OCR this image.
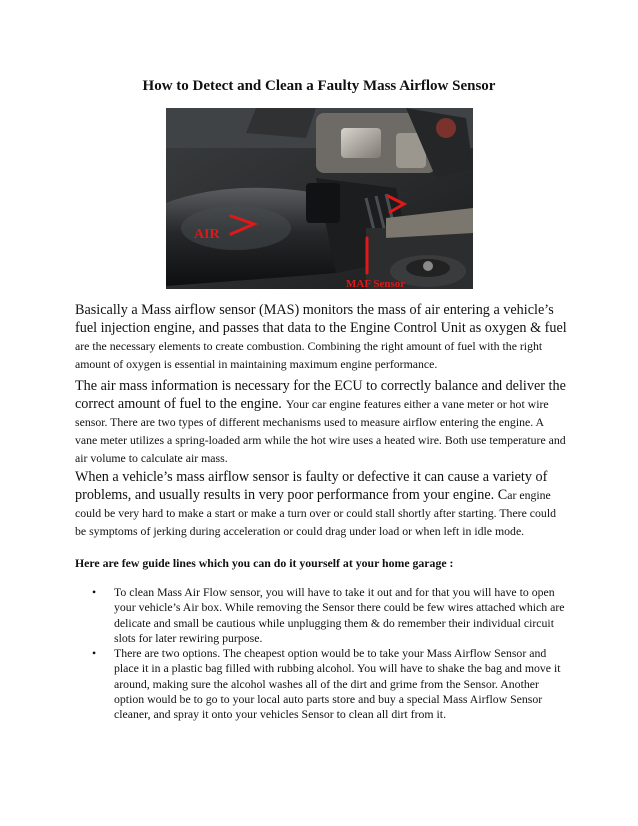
How to Detect and Clean a Faulty Mass Airflow Sensor
AIR
MAF Sensor

Basically a Mass airflow sensor (MAS) monitors the mass of air entering a vehicle’s fuel injection engine, and passes that data to the Engine Control Unit as oxygen & fuel are the necessary elements to create combustion. Combining the right amount of fuel with the right amount of oxygen is essential in maintaining maximum engine performance.

The air mass information is necessary for the ECU to correctly balance and deliver the correct amount of fuel to the engine. Your car engine features either a vane meter or hot wire sensor. There are two types of different mechanisms used to measure airflow entering the engine. A vane meter utilizes a spring-loaded arm while the hot wire uses a heated wire. Both use temperature and air volume to calculate air mass.

When a vehicle’s mass airflow sensor is faulty or defective it can cause a variety of problems, and usually results in very poor performance from your engine. Car engine could be very hard to make a start or make a turn over or could stall shortly after starting. There could be symptoms of jerking during acceleration or could drag under load or when left in idle mode.

Here are few guide lines which you can do it yourself at your home garage :
• To clean Mass Air Flow sensor, you will have to take it out and for that you will have to open your vehicle’s Air box. While removing the Sensor there could be few wires attached which are delicate and small be cautious while unplugging them & do remember their individual circuit slots for later rewiring purpose.
• There are two options. The cheapest option would be to take your Mass Airflow Sensor and place it in a plastic bag filled with rubbing alcohol. You will have to shake the bag and move it around, making sure the alcohol washes all of the dirt and grime from the Sensor. Another option would be to go to your local auto parts store and buy a special Mass Airflow Sensor cleaner, and spray it onto your vehicles Sensor to clean all dirt from it.
